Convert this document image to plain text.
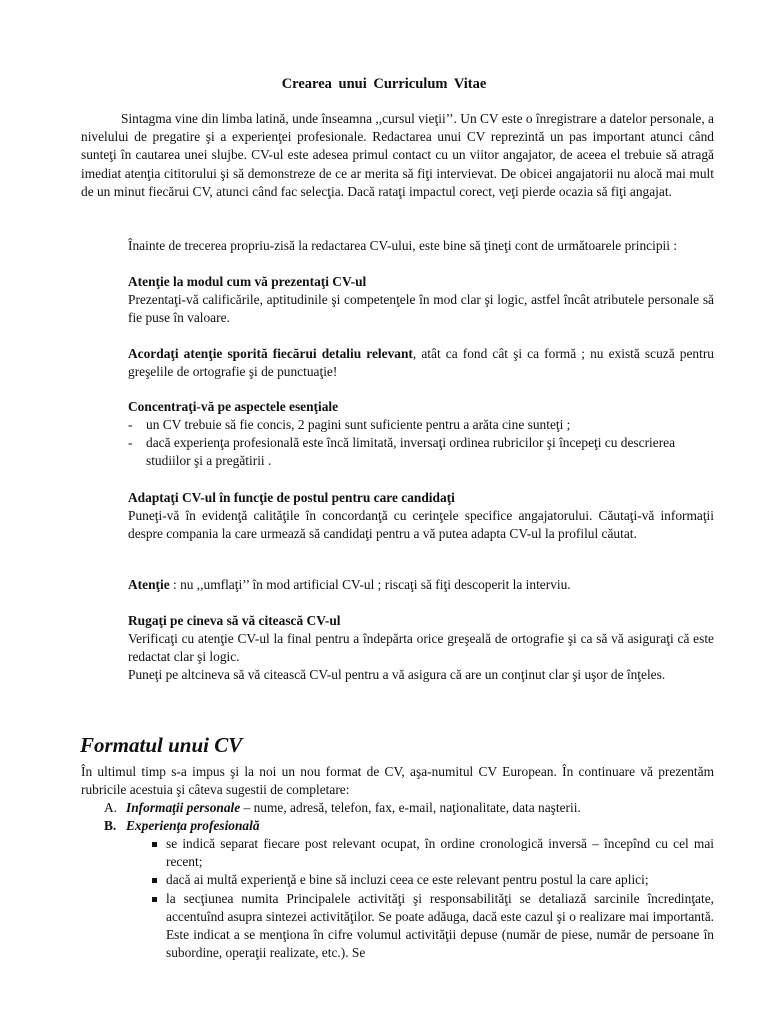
Crearea unui Curriculum Vitae

Sintagma vine din limba latină, unde înseamna ,,cursul vieţii’’. Un CV este o înregistrare a datelor personale, a nivelului de pregatire şi a experienţei profesionale. Redactarea unui CV reprezintă un pas important atunci când sunteţi în cautarea unei slujbe. CV-ul este adesea primul contact cu un viitor angajator, de aceea el trebuie să atragă imediat atenţia cititorului şi să demonstreze de ce ar merita să fiţi intervievat. De obicei angajatorii nu alocă mai mult de un minut fiecărui CV, atunci când fac selecţia. Dacă rataţi impactul corect, veţi pierde ocazia să fiţi angajat.

Înainte de trecerea propriu-zisă la redactarea CV-ului, este bine să ţineţi cont de următoarele principii :

Atenţie la modul cum vă prezentaţi CV-ul

Prezentaţi-vă calificările, aptitudinile şi competenţele în mod clar şi logic, astfel încât atributele personale să fie puse în valoare.

Acordaţi atenţie sporită fiecărui detaliu relevant, atât ca fond cât şi ca formă ; nu există scuză pentru greşelile de ortografie şi de punctuaţie!

Concentraţi-vă pe aspectele esenţiale

- un CV trebuie să fie concis, 2 pagini sunt suficiente pentru a arăta cine sunteţi ;
- dacă experienţa profesională este încă limitată, inversaţi ordinea rubricilor şi începeţi cu descrierea studiilor şi a pregătirii .

Adaptaţi CV-ul în funcţie de postul pentru care candidaţi

Puneţi-vă în evidenţă calităţile în concordanţă cu cerinţele specifice angajatorului. Căutaţi-vă informaţii despre compania la care urmează să candidaţi pentru a vă putea adapta CV-ul la profilul căutat.

Atenţie : nu ,,umflaţi’’ în mod artificial CV-ul ; riscaţi să fiţi descoperit la interviu.

Rugaţi pe cineva să vă citească CV-ul

Verificaţi cu atenţie CV-ul la final pentru a îndepărta orice greşeală de ortografie şi ca să vă asiguraţi că este redactat clar şi logic.

Puneţi pe altcineva să vă citească CV-ul pentru a vă asigura că are un conţinut clar şi uşor de înţeles.

Formatul unui CV

În ultimul timp s-a impus şi la noi un nou format de CV, aşa-numitul CV European. În continuare vă prezentăm rubricile acestuia şi câteva sugestii de completare:

A. Informaţii personale – nume, adresă, telefon, fax, e-mail, naţionalitate, data naşterii.
B. Experienţa profesională
se indică separat fiecare post relevant ocupat, în ordine cronologică inversă – începînd cu cel mai recent;
dacă ai multă experienţă e bine să incluzi ceea ce este relevant pentru postul la care aplici;
la secţiunea numita Principalele activităţi şi responsabilităţi se detaliază sarcinile încredinţate, accentuînd asupra sintezei activităţilor. Se poate adăuga, dacă este cazul şi o realizare mai importantă. Este indicat a se menţiona în cifre volumul activităţii depuse (număr de piese, număr de persoane în subordine, operaţii realizate, etc.). Se
